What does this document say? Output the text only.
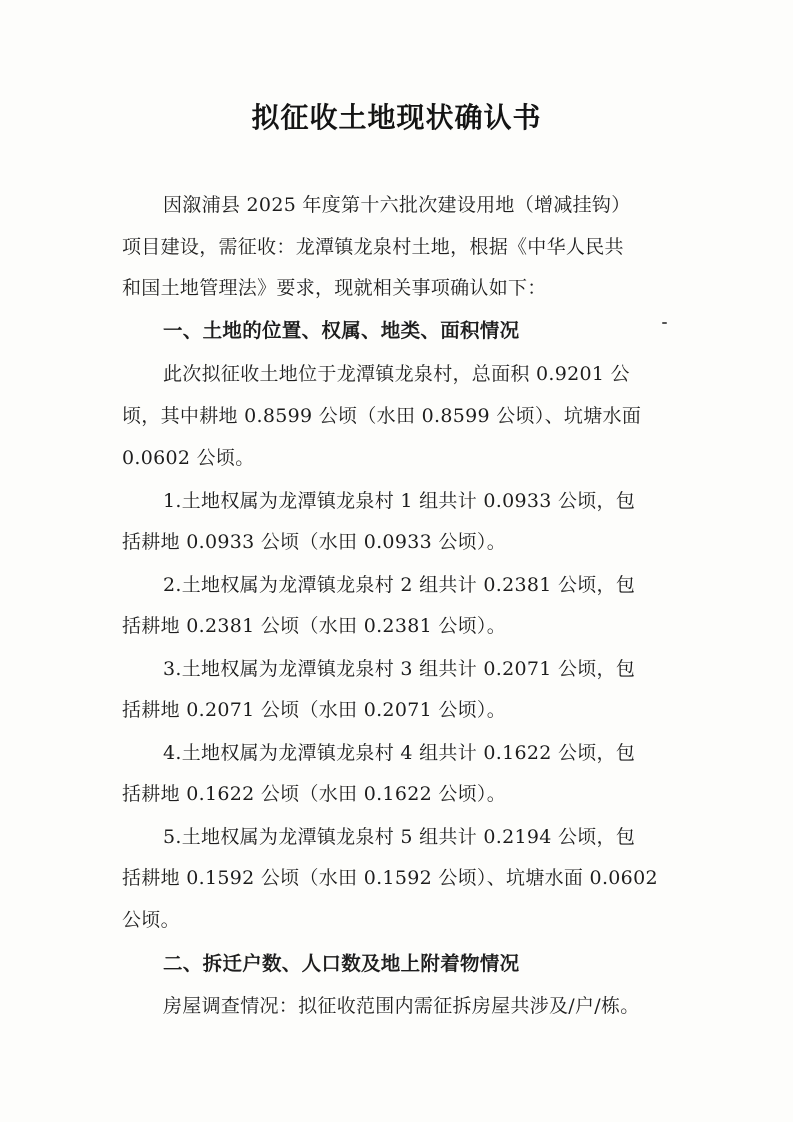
拟征收土地现状确认书
因溆浦县 2025 年度第十六批次建设用地（增减挂钩）
项目建设，需征收：龙潭镇龙泉村土地，根据《中华人民共
和国土地管理法》要求，现就相关事项确认如下：
一、土地的位置、权属、地类、面积情况
此次拟征收土地位于龙潭镇龙泉村，总面积 0.9201 公
顷，其中耕地 0.8599 公顷（水田 0.8599 公顷）、坑塘水面
0.0602 公顷。
1.土地权属为龙潭镇龙泉村 1 组共计 0.0933 公顷，包
括耕地 0.0933 公顷（水田 0.0933 公顷）。
2.土地权属为龙潭镇龙泉村 2 组共计 0.2381 公顷，包
括耕地 0.2381 公顷（水田 0.2381 公顷）。
3.土地权属为龙潭镇龙泉村 3 组共计 0.2071 公顷，包
括耕地 0.2071 公顷（水田 0.2071 公顷）。
4.土地权属为龙潭镇龙泉村 4 组共计 0.1622 公顷，包
括耕地 0.1622 公顷（水田 0.1622 公顷）。
5.土地权属为龙潭镇龙泉村 5 组共计 0.2194 公顷，包
括耕地 0.1592 公顷（水田 0.1592 公顷）、坑塘水面 0.0602
公顷。
二、拆迁户数、人口数及地上附着物情况
房屋调查情况：拟征收范围内需征拆房屋共涉及/户/栋。
